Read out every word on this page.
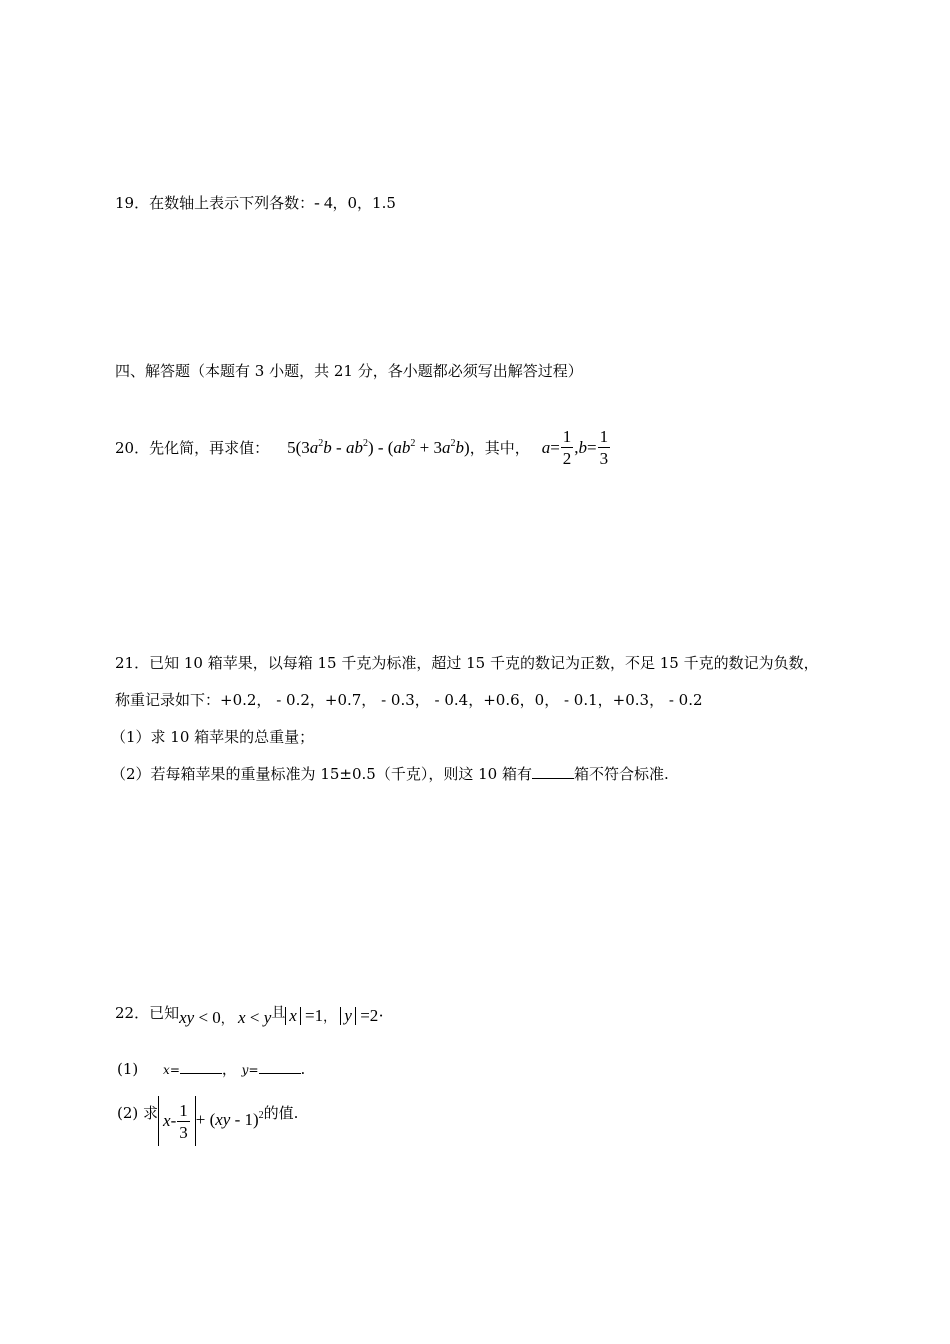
19．在数轴上表示下列各数：- 4，0，1.5
四、解答题（本题有 3 小题，共 21 分，各小题都必须写出解答过程）
20．先化简，再求值： $5(3a^2b - ab^2) - (ab^2 + 3a^2b)$ ，其中， $a = \frac{1}{2}$ , $b = \frac{1}{3}$
21．已知 10 箱苹果，以每箱 15 千克为标准，超过 15 千克的数记为正数，不足 15 千克的数记为负数，
称重记录如下：+0.2， - 0.2，+0.7， - 0.3， - 0.4，+0.6，0， - 0.1，+0.3， - 0.2
（1）求 10 箱苹果的总重量；
（2）若每箱苹果的重量标准为 15±0.5（千克），则这 10 箱有	箱不符合标准.
22．已知 xy < 0， x < y 且 x =1， y =2·
(1) x=	， y=	.
(2) 求 $x - \frac{1}{3} + (xy - 1)^2$ 的值.
